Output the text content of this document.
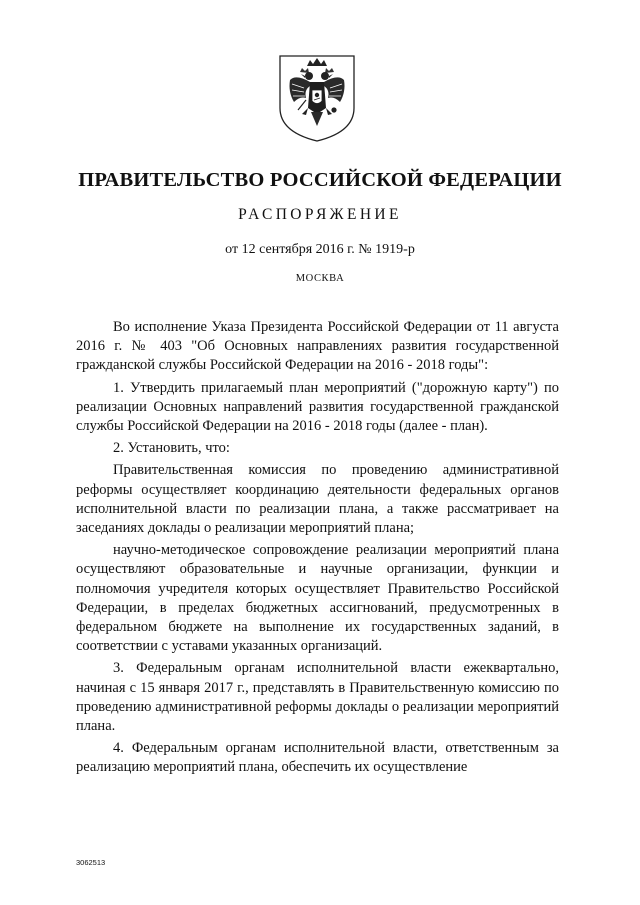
ПРАВИТЕЛЬСТВО РОССИЙСКОЙ ФЕДЕРАЦИИ
РАСПОРЯЖЕНИЕ
от 12 сентября 2016 г. № 1919-р
МОСКВА

Во исполнение Указа Президента Российской Федерации от 11 августа 2016 г. № 403 "Об Основных направлениях развития государственной гражданской службы Российской Федерации на 2016 - 2018 годы":

1. Утвердить прилагаемый план мероприятий ("дорожную карту") по реализации Основных направлений развития государственной гражданской службы Российской Федерации на 2016 - 2018 годы (далее - план).

2. Установить, что:

Правительственная комиссия по проведению административной реформы осуществляет координацию деятельности федеральных органов исполнительной власти по реализации плана, а также рассматривает на заседаниях доклады о реализации мероприятий плана;

научно-методическое сопровождение реализации мероприятий плана осуществляют образовательные и научные организации, функции и полномочия учредителя которых осуществляет Правительство Российской Федерации, в пределах бюджетных ассигнований, предусмотренных в федеральном бюджете на выполнение их государственных заданий, в соответствии с уставами указанных организаций.

3. Федеральным органам исполнительной власти ежеквартально, начиная с 15 января 2017 г., представлять в Правительственную комиссию по проведению административной реформы доклады о реализации мероприятий плана.

4. Федеральным органам исполнительной власти, ответственным за реализацию мероприятий плана, обеспечить их осуществление

3062513
